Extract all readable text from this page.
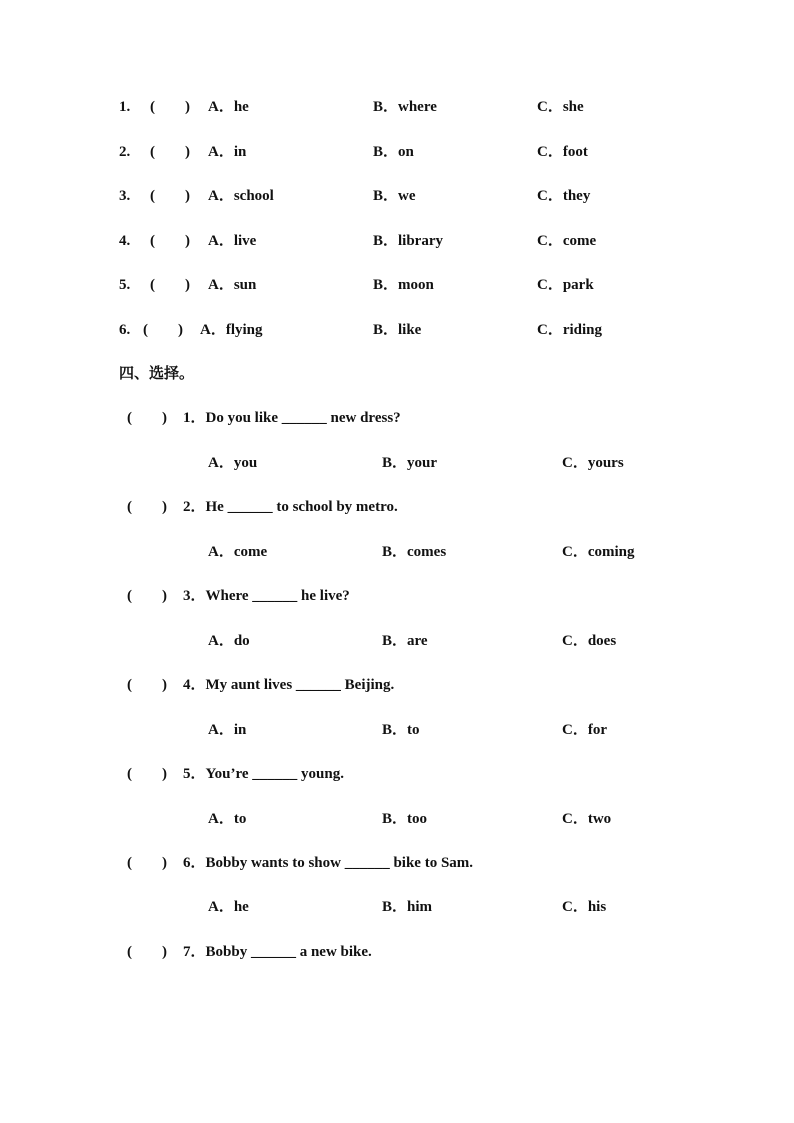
1. (        ) A．he	B．where	C．she
2. (        ) A．in	B．on	C．foot
3. (        ) A．school	B．we	C．they
4. (        ) A．live	B．library	C．come
5. (        ) A．sun	B．moon	C．park
6. (        ) A．flying	B．like	C．riding
四、选择。
(        ) 1．Do you like ______ new dress?
A．you	B．your	C．yours
(        ) 2．He ______ to school by metro.
A．come	B．comes	C．coming
(        ) 3．Where ______ he live?
A．do	B．are	C．does
(        ) 4．My aunt lives ______ Beijing.
A．in	B．to	C．for
(        ) 5．You’re ______ young.
A．to	B．too	C．two
(        ) 6．Bobby wants to show ______ bike to Sam.
A．he	B．him	C．his
(        ) 7．Bobby ______ a new bike.
